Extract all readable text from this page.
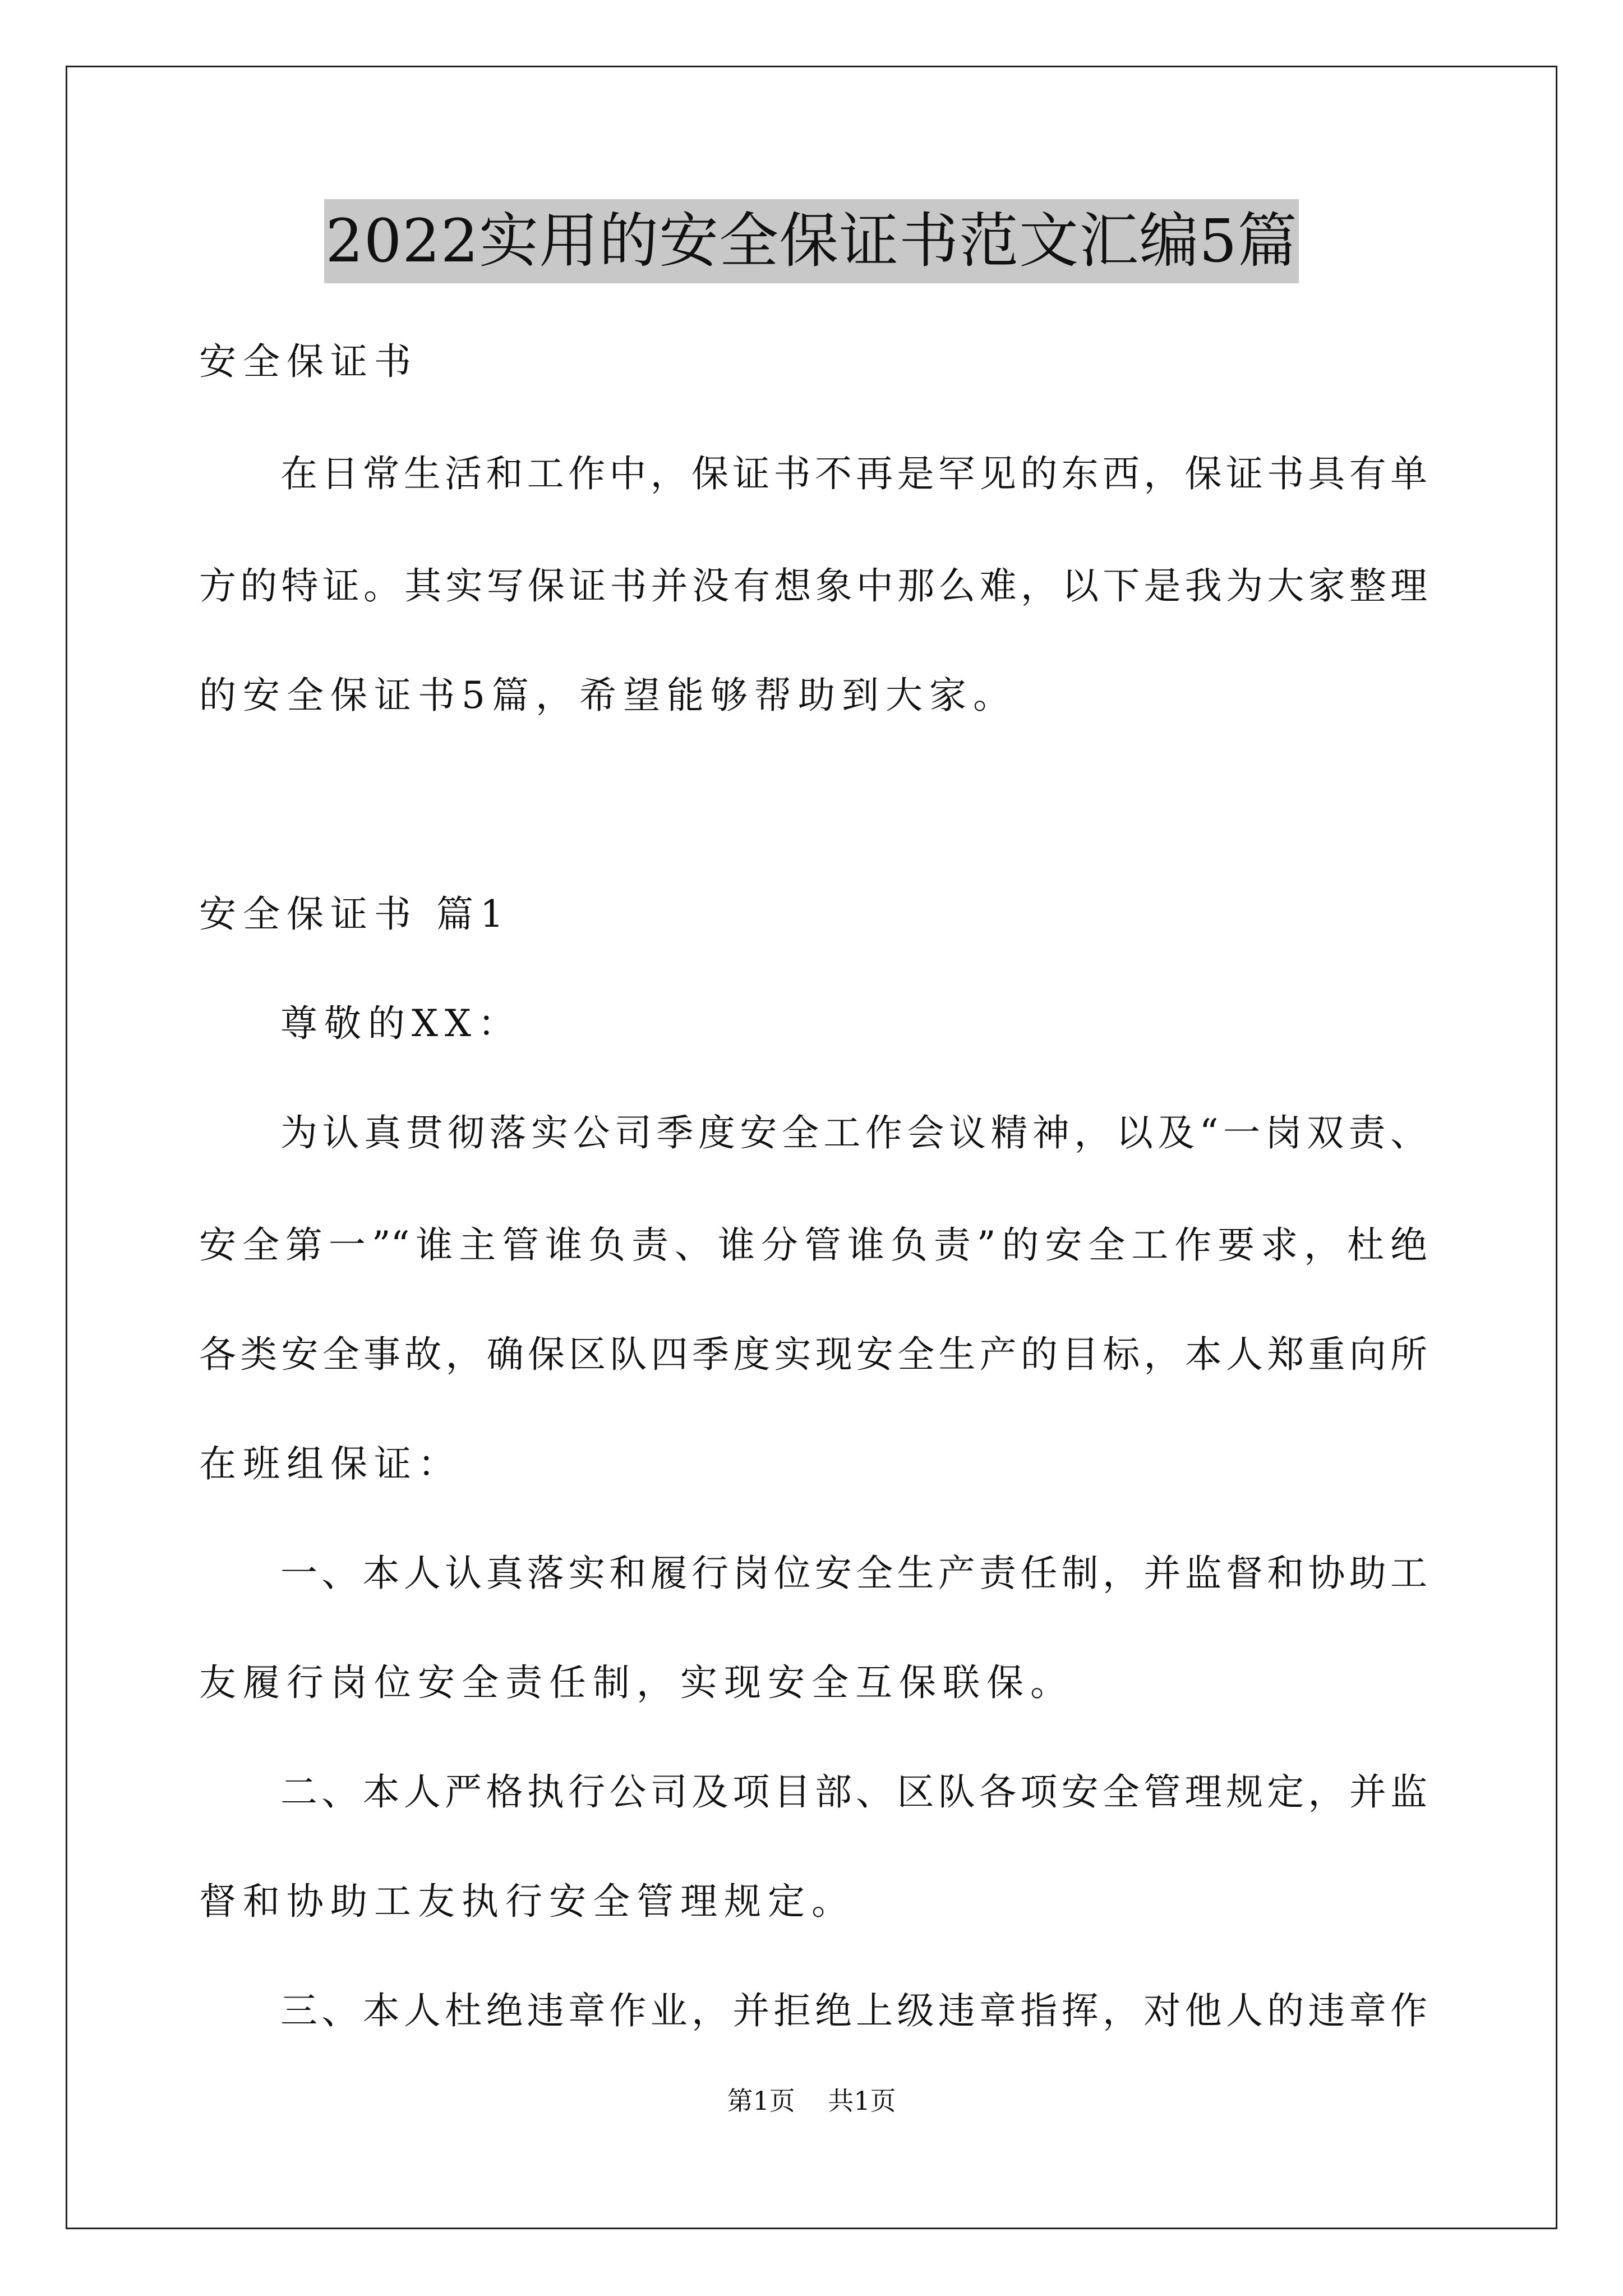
2022实用的安全保证书范文汇编5篇
安全保证书
在日常生活和工作中，保证书不再是罕见的东西，保证书具有单
方的特证。其实写保证书并没有想象中那么难，以下是我为大家整理
的安全保证书5篇，希望能够帮助到大家。
安全保证书 篇1
尊敬的XX：
为认真贯彻落实公司季度安全工作会议精神，以及“一岗双责、
安全第一”“谁主管谁负责、谁分管谁负责”的安全工作要求，杜绝
各类安全事故，确保区队四季度实现安全生产的目标，本人郑重向所
在班组保证：
一、本人认真落实和履行岗位安全生产责任制，并监督和协助工
友履行岗位安全责任制，实现安全互保联保。
二、本人严格执行公司及项目部、区队各项安全管理规定，并监
督和协助工友执行安全管理规定。
三、本人杜绝违章作业，并拒绝上级违章指挥，对他人的违章作
第1页    共1页
